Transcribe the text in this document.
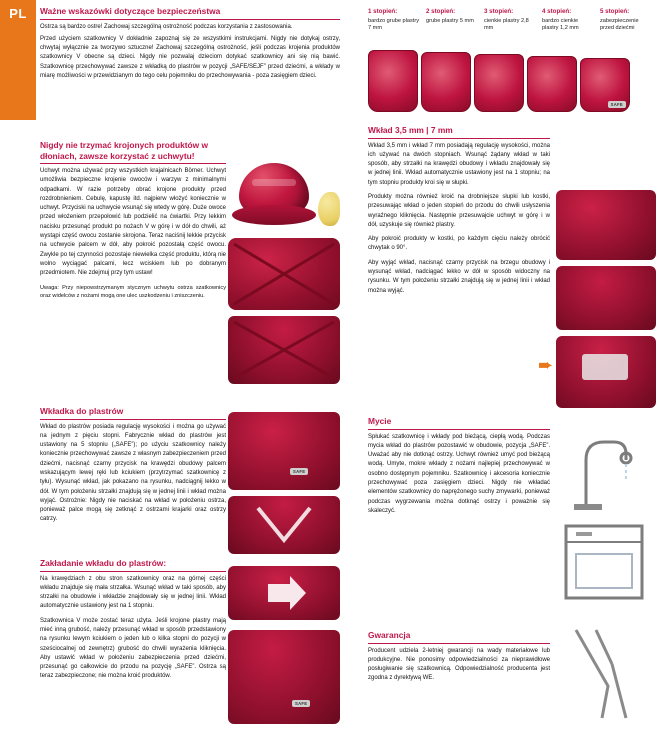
PL Ważne wskazówki dotyczące bezpieczeństwa

Ostrza są bardzo ostre! Zachowaj szczególną ostrożność podczas korzystania z zastosowania.

Przed użyciem szatkownicy V dokładnie zapoznaj się ze wszystkimi instrukcjami. Nigdy nie dotykaj ostrzy, chwytaj wyłącznie za tworzywo sztuczne! Zachowaj szczególną ostrożność, jeśli podczas krojenia produktów szatkownicy V obecne są dzieci. Nigdy nie pozwalaj dzieciom dotykać szatkownicy ani się nią bawić. Szatkownicę przechowywać zawsze z wkładką do plastrów w pozycji „SAFE/SEJF” przed dziećmi, a wkłady w miarę możliwości w przewidzianym do tego celu pojemniku do przechowywania - poza zasięgiem dzieci.

Nigdy nie trzymać krojonych produktów w dłoniach, zawsze korzystać z uchwytu!

Uchwyt można używać przy wszystkich krajalnicach Börner. Uchwyt umożliwia bezpieczne krojenie owoców i warzyw z minimalnymi odpadkami. W razie potrzeby obrać krojone produkty przed rozdrobnieniem. Cebulę, kapustę itd. najpierw włożyć koniecznie w uchwyt. Przyciski na uchwycie wsunąć się wtedy w górę. Duże owoce przed włożeniem przepołowić lub podzielić na ćwiartki. Przy lekkim nacisku przesunąć produkt po nożach V w górę i w dół do chwili, aż wystąpi część owocu zostanie skrojona. Teraz naciśnij lekkie przycisk na uchwycie palcem w dół, aby pokroić pozostałą część owocu. Zwykle po tej czynności pozostaje niewielka część produktu, którą nie wolno wyciągać palcami, lecz wciskiem lub po dobranym przedmiotem. Nie zdejmuj przy tym ustaw!

Uwaga: Przy niepowstrzymanym stycznym uchwytu ostrza szatkownicy oraz widelców z nożami mogą one ulec uszkodzeniu i zniszczeniu.

Wkładka do plastrów

Wkład do plastrów posiada regulację wysokości i można go używać na jednym z pięciu stopni. Fabrycznie wkład do plastrów jest ustawiony na 5 stopniu („SAFE”); po użyciu szatkownicy należy koniecznie przechowywać zawsze z własnym zabezpieczeniem przed dziećmi, nacisnąć czarny przycisk na krawędzi obudowy palcem wskazującym lewej ręki lub kciukiem (przytrzymać szatkownicę z tyłu). Wysunąć wkład, jak pokazano na rysunku, nadciągnij lekko w dół. W tym położeniu strzałki znajdują się w jednej linii i wkład można wyjąć. Ostrożnie: Nigdy nie naciskać na wkład w położeniu ostrza, ponieważ palce mogą się zetknąć z ostrzami krajarki oraz ostrzy catrzy.

Zakładanie wkładu do plastrów:

Na krawędziach z obu stron szatkownicy oraz na górnej części wkładu znajduje się mała strzałka. Wsunąć wkład w taki sposób, aby strzałki na obudowie i wkładzie znajdowały się w jednej linii. Wkład automatycznie ustawiony jest na 1 stopniu.

Szatkownica V może zostać teraz użyta. Jeśli krojone plastry mają mieć inną grubość, należy przesunąć wkład w sposób przedstawiony na rysunku lewym kciukiem o jeden lub o kilka stopni do pozycji w sześciocalnej od zewnętrz) grubość do chwili wyrażenia kliknięcia. Aby ustawić wkład w położeniu zabezpieczenia przed dziećmi, przesunąć go całkowicie do przodu na pozycję „SAFE”. Ostrza są teraz zabezpieczone; nie można kroić produktów.

SAFE
SAFE
1 stopień:
bardzo grube plastry 7 mm
2 stopień:
grube plastry 5 mm
3 stopień:
cienkie plastry 2,8 mm
4 stopień:
bardzo cienkie plastry 1,2 mm
5 stopień:
zabezpieczenie przed dziećmi
SAFE
Wkład 3,5 mm | 7 mm

Wkład 3,5 mm i wkład 7 mm posiadają regulację wysokości, można ich używać na dwóch stopniach. Wsunąć żądany wkład w taki sposób, aby strzałki na krawędzi obudowy i wkładu znajdowały się w jednej linii. Wkład automatycznie ustawiony jest na 1 stopniu; na tym stopniu produkty kroi się w słupki.

Produkty można również kroić na drobniejsze słupki lub kostki, przesuwając wkład o jeden stopień do przodu do chwili usłyszenia wyraźnego kliknięcia. Następnie przesuwajcie uchwyt w górę i w dół, uzyskuje się również plastry.

Aby pokroić produkty w kostki, po każdym cięciu należy obrócić chwytak o 90°.

Aby wyjąć wkład, nacisnąć czarny przycisk na brzegu obudowy i wysunąć wkład, nadciągać lekko w dół w sposób widoczny na rysunku. W tym położeniu strzałki znajdują się w jednej linii i wkład można wyjąć.

➨
Mycie

Spłukać szatkownicę i wkłady pod bieżącą, ciepłą wodą. Podczas mycia wkład do plastrów pozostawić w obudowie, pozycja „SAFE”. Uważać aby nie dotknąć ostrzy. Uchwyt również umyć pod bieżącą wodą. Umyte, mokre wkłady z nożami najlepiej przechowywać w osobno dostępnym pojemniku. Szatkownicę i akcesoria koniecznie przechowywać poza zasięgiem dzieci. Nigdy nie wkładać elementów szatkownicy do naprężonego suchy zmywarki, ponieważ podczas wygrzewania można dotknąć ostrzy i poważnie się skaleczyć.

Gwarancja

Producent udziela 2-letniej gwarancji na wady materiałowe lub produkcyjne. Nie ponosimy odpowiedzialności za nieprawidłowe posługiwanie się szatkownicą. Odpowiedzialność producenta jest zgodna z dyrektywą WE.
